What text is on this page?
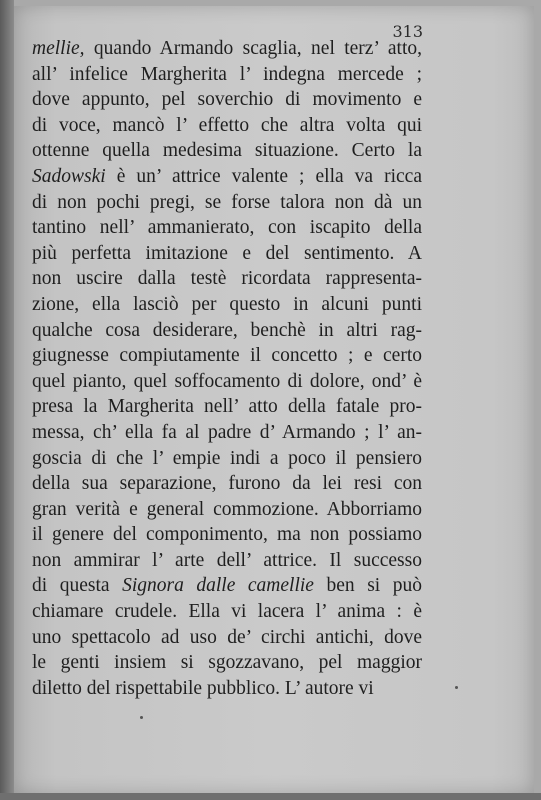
313
mellie, quando Armando scaglia, nel terz’ atto,
all’ infelice Margherita l’ indegna mercede ;
dove appunto, pel soverchio di movimento e
di voce, mancò l’ effetto che altra volta qui
ottenne quella medesima situazione. Certo la
Sadowski è un’ attrice valente ; ella va ricca
di non pochi pregi, se forse talora non dà un
tantino nell’ ammanierato, con iscapito della
più perfetta imitazione e del sentimento. A
non uscire dalla testè ricordata rappresenta-
zione, ella lasciò per questo in alcuni punti
qualche cosa desiderare, benchè in altri rag-
giugnesse compiutamente il concetto ; e certo
quel pianto, quel soffocamento di dolore, ond’ è
presa la Margherita nell’ atto della fatale pro-
messa, ch’ ella fa al padre d’ Armando ; l’ an-
goscia di che l’ empie indi a poco il pensiero
della sua separazione, furono da lei resi con
gran verità e general commozione. Abborriamo
il genere del componimento, ma non possiamo
non ammirar l’ arte dell’ attrice. Il successo
di questa Signora dalle camellie ben si può
chiamare crudele. Ella vi lacera l’ anima : è
uno spettacolo ad uso de’ circhi antichi, dove
le genti insiem si sgozzavano, pel maggior
diletto del rispettabile pubblico. L’ autore vi
